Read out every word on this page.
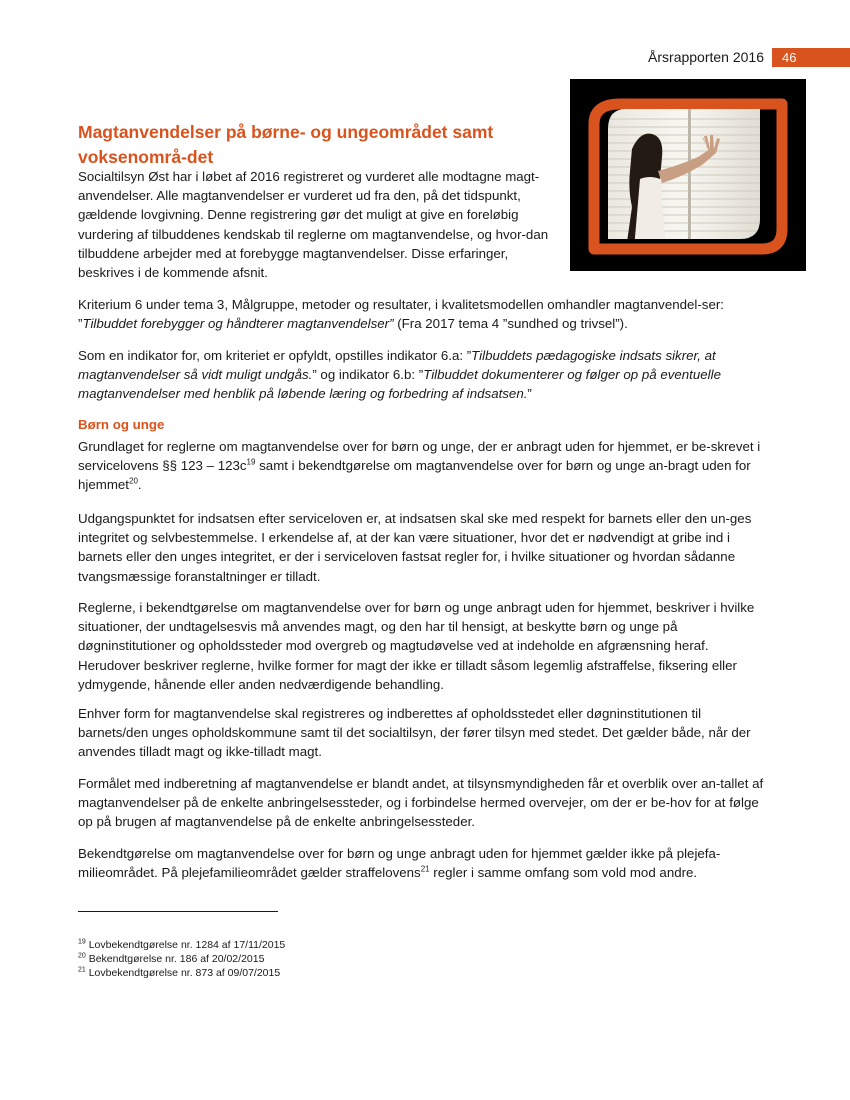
Årsrapporten 2016	46
Magtanvendelser på børne- og ungeområdet samt voksenområ-det

Socialtilsyn Øst har i løbet af 2016 registreret og vurderet alle modtagne magt-anvendelser. Alle magtanvendelser er vurderet ud fra den, på det tidspunkt, gældende lovgivning. Denne registrering gør det muligt at give en foreløbig vurdering af tilbuddenes kendskab til reglerne om magtanvendelse, og hvor-dan tilbuddene arbejder med at forebygge magtanvendelser. Disse erfaringer, beskrives i de kommende afsnit.

Kriterium 6 under tema 3, Målgruppe, metoder og resultater, i kvalitetsmodellen omhandler magtanvendel-ser: ”Tilbuddet forebygger og håndterer magtanvendelser” (Fra 2017 tema 4 ”sundhed og trivsel”).

Som en indikator for, om kriteriet er opfyldt, opstilles indikator 6.a: ”Tilbuddets pædagogiske indsats sikrer, at magtanvendelser så vidt muligt undgås.” og indikator 6.b: ”Tilbuddet dokumenterer og følger op på eventuelle magtanvendelser med henblik på løbende læring og forbedring af indsatsen.”

Børn og unge

Grundlaget for reglerne om magtanvendelse over for børn og unge, der er anbragt uden for hjemmet, er be-skrevet i servicelovens §§ $123 - 123c^{19}$ samt i bekendtgørelse om magtanvendelse over for børn og unge an-bragt uden for hjemmet$^{20}$.

Udgangspunktet for indsatsen efter serviceloven er, at indsatsen skal ske med respekt for barnets eller den un-ges integritet og selvbestemmelse. I erkendelse af, at der kan være situationer, hvor det er nødvendigt at gribe ind i barnets eller den unges integritet, er der i serviceloven fastsat regler for, i hvilke situationer og hvordan sådanne tvangsmæssige foranstaltninger er tilladt.

Reglerne, i bekendtgørelse om magtanvendelse over for børn og unge anbragt uden for hjemmet, beskriver i hvilke situationer, der undtagelsesvis må anvendes magt, og den har til hensigt, at beskytte børn og unge på døgninstitutioner og opholdssteder mod overgreb og magtudøvelse ved at indeholde en afgrænsning heraf. Herudover beskriver reglerne, hvilke former for magt der ikke er tilladt såsom legemlig afstraffelse, fiksering eller ydmygende, hånende eller anden nedværdigende behandling.

Enhver form for magtanvendelse skal registreres og indberettes af opholdsstedet eller døgninstitutionen til barnets/den unges opholdskommune samt til det socialtilsyn, der fører tilsyn med stedet. Det gælder både, når der anvendes tilladt magt og ikke-tilladt magt.

Formålet med indberetning af magtanvendelse er blandt andet, at tilsynsmyndigheden får et overblik over an-tallet af magtanvendelser på de enkelte anbringelsessteder, og i forbindelse hermed overvejer, om der er be-hov for at følge op på brugen af magtanvendelse på de enkelte anbringelsessteder.

Bekendtgørelse om magtanvendelse over for børn og unge anbragt uden for hjemmet gælder ikke på plejefa-milieområdet. På plejefamilieområdet gælder straffelovens$^{21}$ regler i samme omfang som vold mod andre.

$^{19}$ Lovbekendtgørelse nr. 1284 af 17/11/2015

$^{20}$ Bekendtgørelse nr. 186 af 20/02/2015

$^{21}$ Lovbekendtgørelse nr. 873 af 09/07/2015
